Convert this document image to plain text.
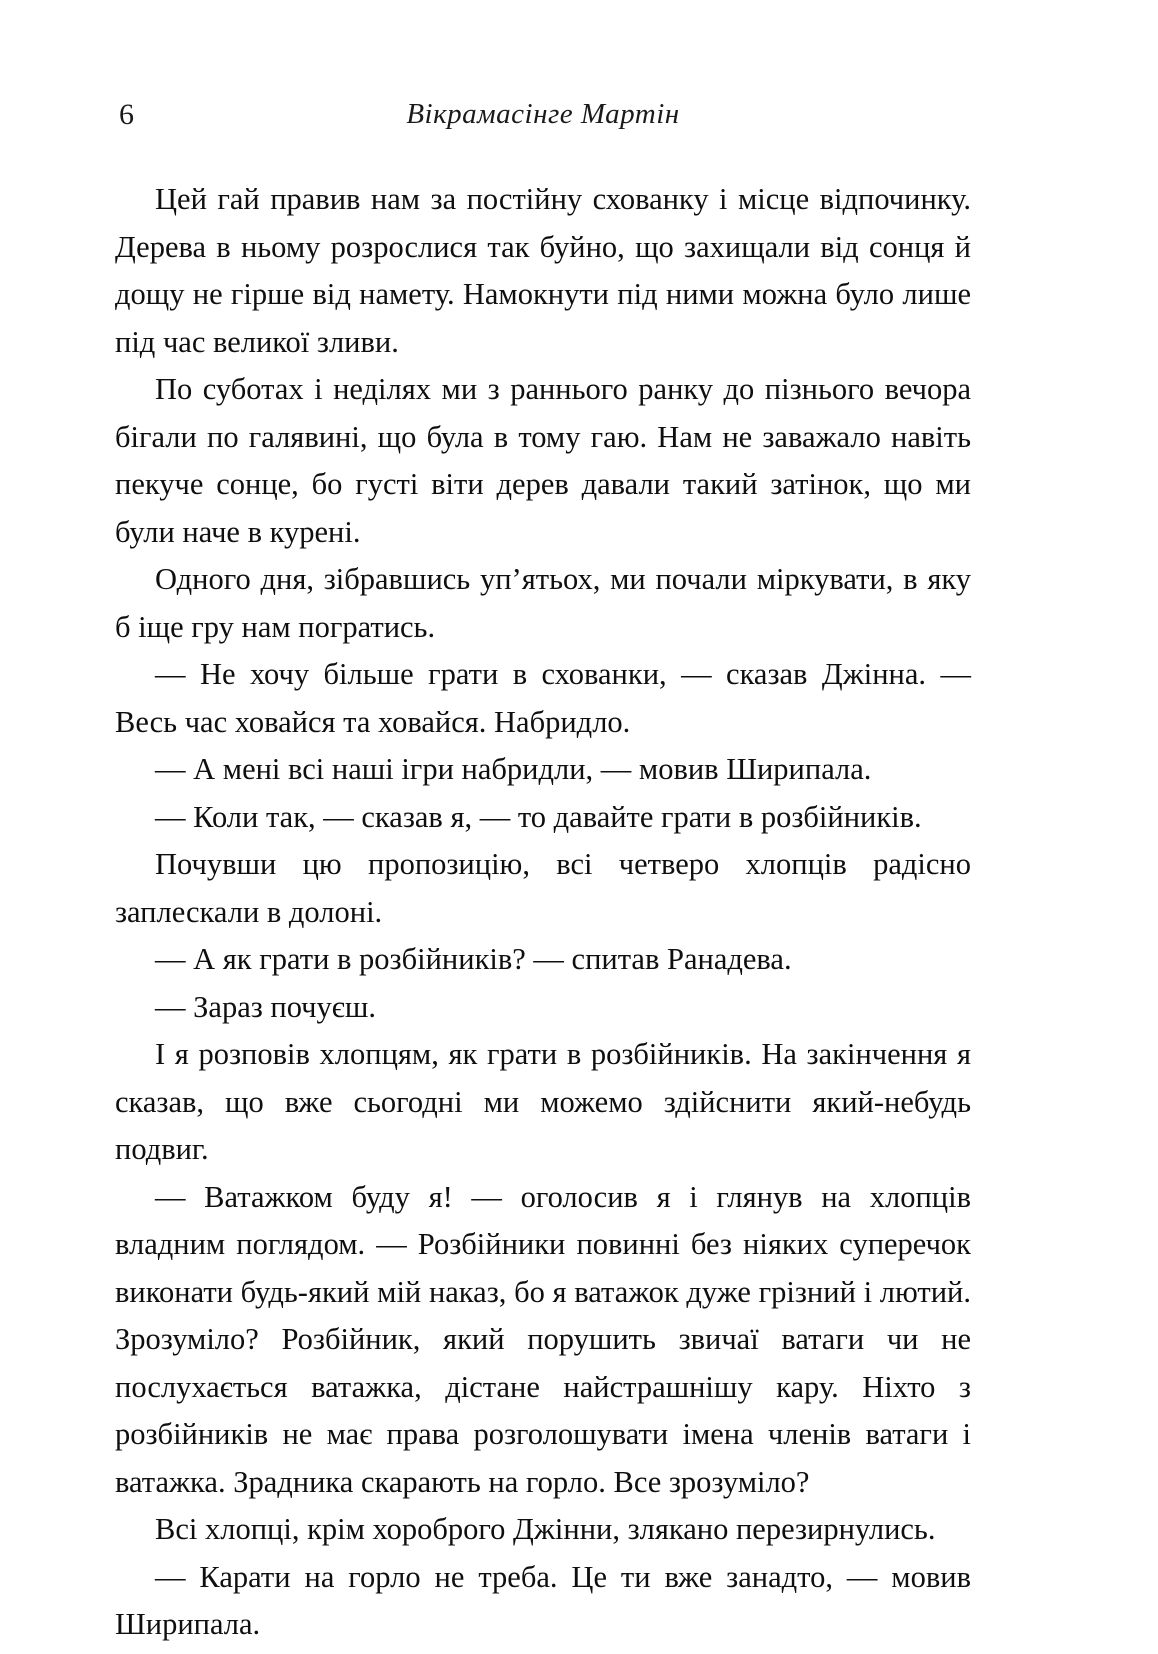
6	Вікрамасінге Мартін

Цей гай правив нам за постійну схованку і місце відпочинку. Дерева в ньому розрослися так буйно, що захищали від сонця й дощу не гірше від намету. Намокнути під ними можна було лише під час великої зливи.

По суботах і неділях ми з раннього ранку до пізнього вечора бігали по галявині, що була в тому гаю. Нам не заважало навіть пекуче сонце, бо густі віти дерев давали такий затінок, що ми були наче в курені.

Одного дня, зібравшись уп’ятьох, ми почали міркувати, в яку б іще гру нам погратись.

— Не хочу більше грати в схованки, — сказав Джінна. — Весь час ховайся та ховайся. Набридло.

— А мені всі наші ігри набридли, — мовив Ширипала.

— Коли так, — сказав я, — то давайте грати в розбійників.

Почувши цю пропозицію, всі четверо хлопців радісно заплескали в долоні.

— А як грати в розбійників? — спитав Ранадева.

— Зараз почуєш.

І я розповів хлопцям, як грати в розбійників. На закінчення я сказав, що вже сьогодні ми можемо здійснити який-небудь подвиг.

— Ватажком буду я! — оголосив я і глянув на хлопців владним поглядом. — Розбійники повинні без ніяких суперечок виконати будь-який мій наказ, бо я ватажок дуже грізний і лютий. Зрозуміло? Розбійник, який порушить звичаї ватаги чи не послухається ватажка, дістане найстрашнішу кару. Ніхто з розбійників не має права розголошувати імена членів ватаги і ватажка. Зрадника скарають на горло. Все зрозуміло?

Всі хлопці, крім хороброго Джінни, злякано перезирнулись.

— Карати на горло не треба. Це ти вже занадто, — мовив Ширипала.
